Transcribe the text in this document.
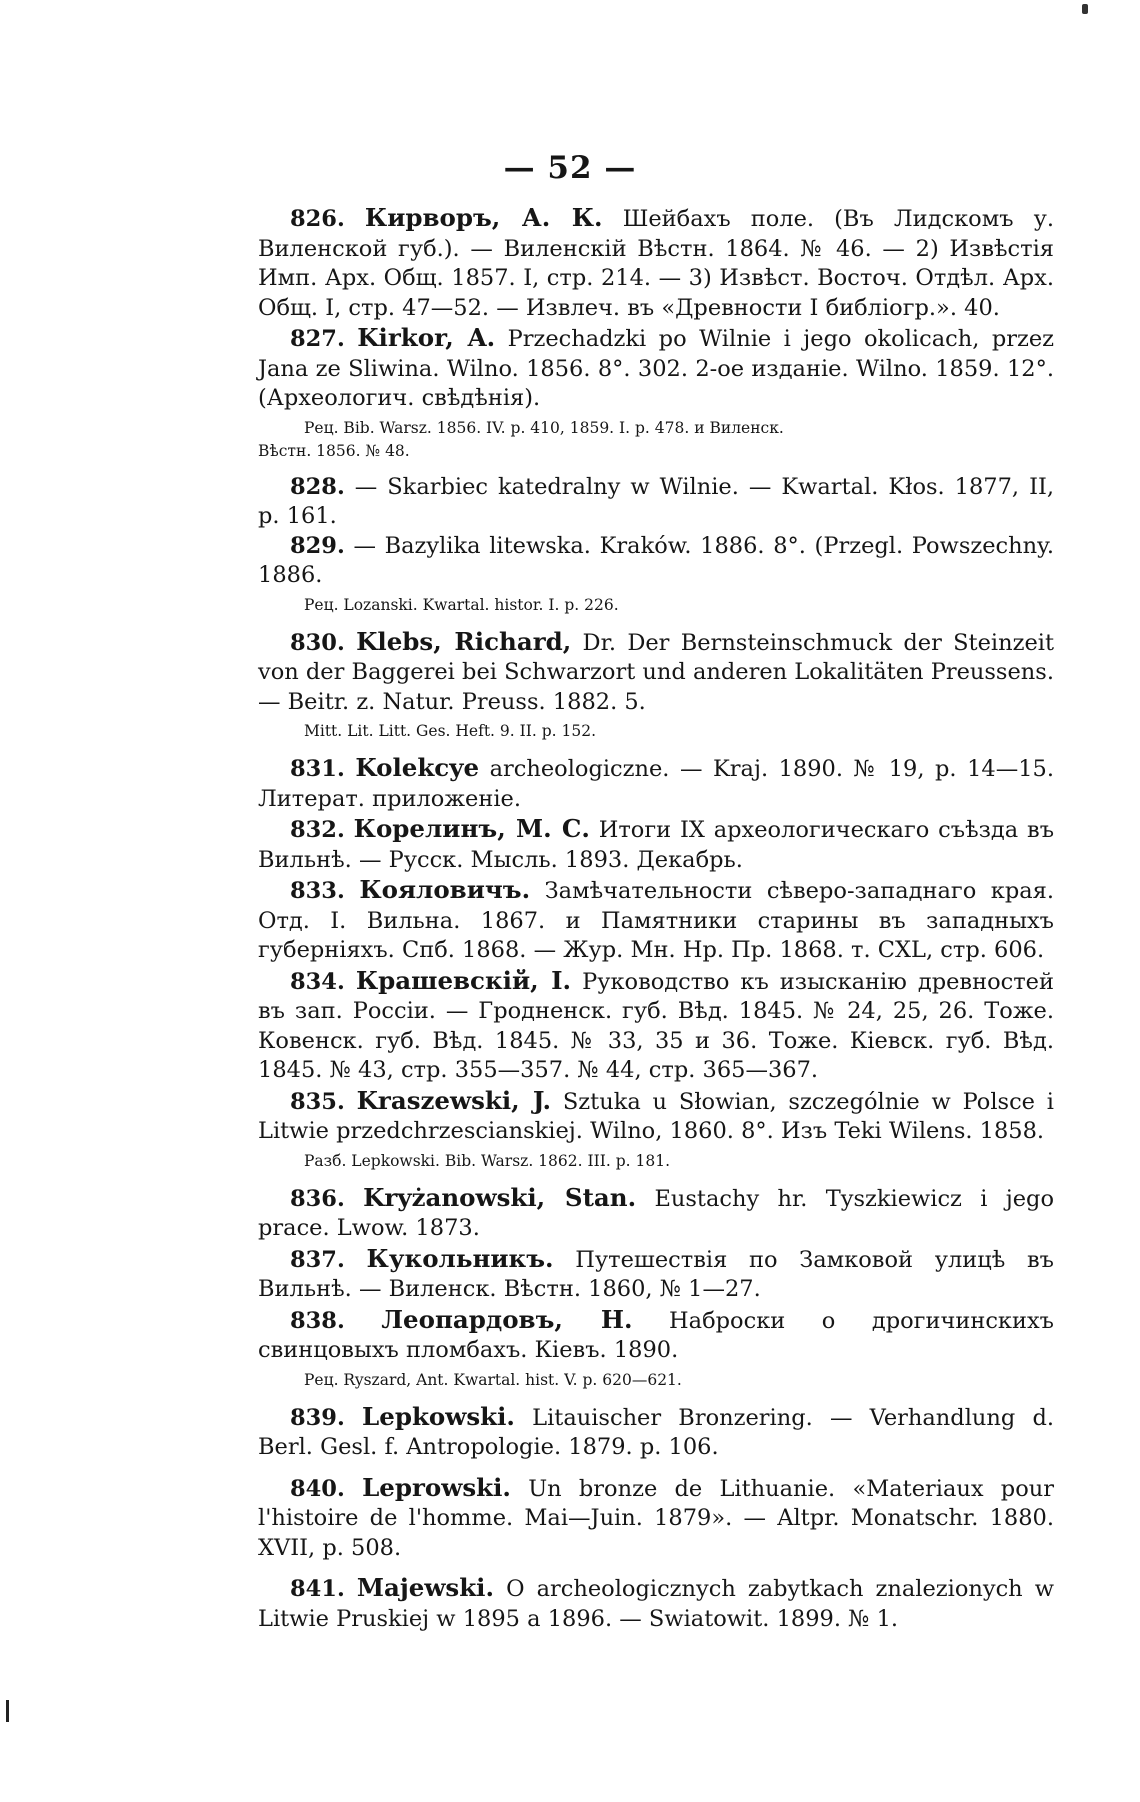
— 52 —

826. Кирворъ, А. К. Шейбахъ поле. (Въ Лидскомъ у. Виленской губ.). — Виленскій Вѣстн. 1864. № 46. — 2) Извѣстія Имп. Арх. Общ. 1857. I, стр. 214. — 3) Извѣст. Восточ. Отдѣл. Арх. Общ. I, стр. 47—52. — Извлеч. въ «Древности I библіогр.». 40.

827. Kirkor, A. Przechadzki po Wilnie i jego okolicach, przez Jana ze Sliwina. Wilno. 1856. 8°. 302. 2-ое изданіе. Wilno. 1859. 12°. (Археологич. свѣдѣнія).

Рец. Bib. Warsz. 1856. IV. p. 410, 1859. I. p. 478. и Виленск.

Вѣстн. 1856. № 48.

828. — Skarbiec katedralny w Wilnie. — Kwartal. Kłos. 1877, II, p. 161.

829. — Bazylika litewska. Kraków. 1886. 8°. (Przegl. Powszechny. 1886.

Рец. Lozanski. Kwartal. histor. I. p. 226.

830. Klebs, Richard, Dr. Der Bernsteinschmuck der Steinzeit von der Baggerei bei Schwarzort und anderen Lokalitäten Preussens. — Beitr. z. Natur. Preuss. 1882. 5.

Mitt. Lit. Litt. Ges. Heft. 9. II. p. 152.

831. Kolekcye archeologiczne. — Kraj. 1890. № 19, p. 14—15. Литерат. приложеніе.

832. Корелинъ, М. С. Итоги IX археологическаго съѣзда въ Вильнѣ. — Русск. Мысль. 1893. Декабрь.

833. Кояловичъ. Замѣчательности сѣверо-западнаго края. Отд. I. Вильна. 1867. и Памятники старины въ западныхъ губерніяхъ. Спб. 1868. — Жур. Мн. Нр. Пр. 1868. т. CXL, стр. 606.

834. Крашевскій, I. Руководство къ изысканію древностей въ зап. Россіи. — Гродненск. губ. Вѣд. 1845. № 24, 25, 26. Тоже. Ковенск. губ. Вѣд. 1845. № 33, 35 и 36. Тоже. Кіевск. губ. Вѣд. 1845. № 43, стр. 355—357. № 44, стр. 365—367.

835. Kraszewski, J. Sztuka u Słowian, szczególnie w Polsce i Litwie przedchrzescianskiej. Wilno, 1860. 8°. Изъ Teki Wilens. 1858.

Разб. Lepkowski. Bib. Warsz. 1862. III. p. 181.

836. Kryżanowski, Stan. Eustachy hr. Tyszkiewicz i jego prace. Lwow. 1873.

837. Кукольникъ. Путешествія по Замковой улицѣ въ Вильнѣ. — Виленск. Вѣстн. 1860, № 1—27.

838. Леопардовъ, Н. Наброски о дрогичинскихъ свинцовыхъ пломбахъ. Кіевъ. 1890.

Рец. Ryszard, Ant. Kwartal. hist. V. p. 620—621.

839. Lepkowski. Litauischer Bronzering. — Verhandlung d. Berl. Gesl. f. Antropologie. 1879. p. 106.

840. Leprowski. Un bronze de Lithuanie. «Materiaux pour l'histoire de l'homme. Mai—Juin. 1879». — Altpr. Monatschr. 1880. XVII, p. 508.

841. Majewski. O archeologicznych zabytkach znalezionych w Litwie Pruskiej w 1895 a 1896. — Swiatowit. 1899. № 1.
